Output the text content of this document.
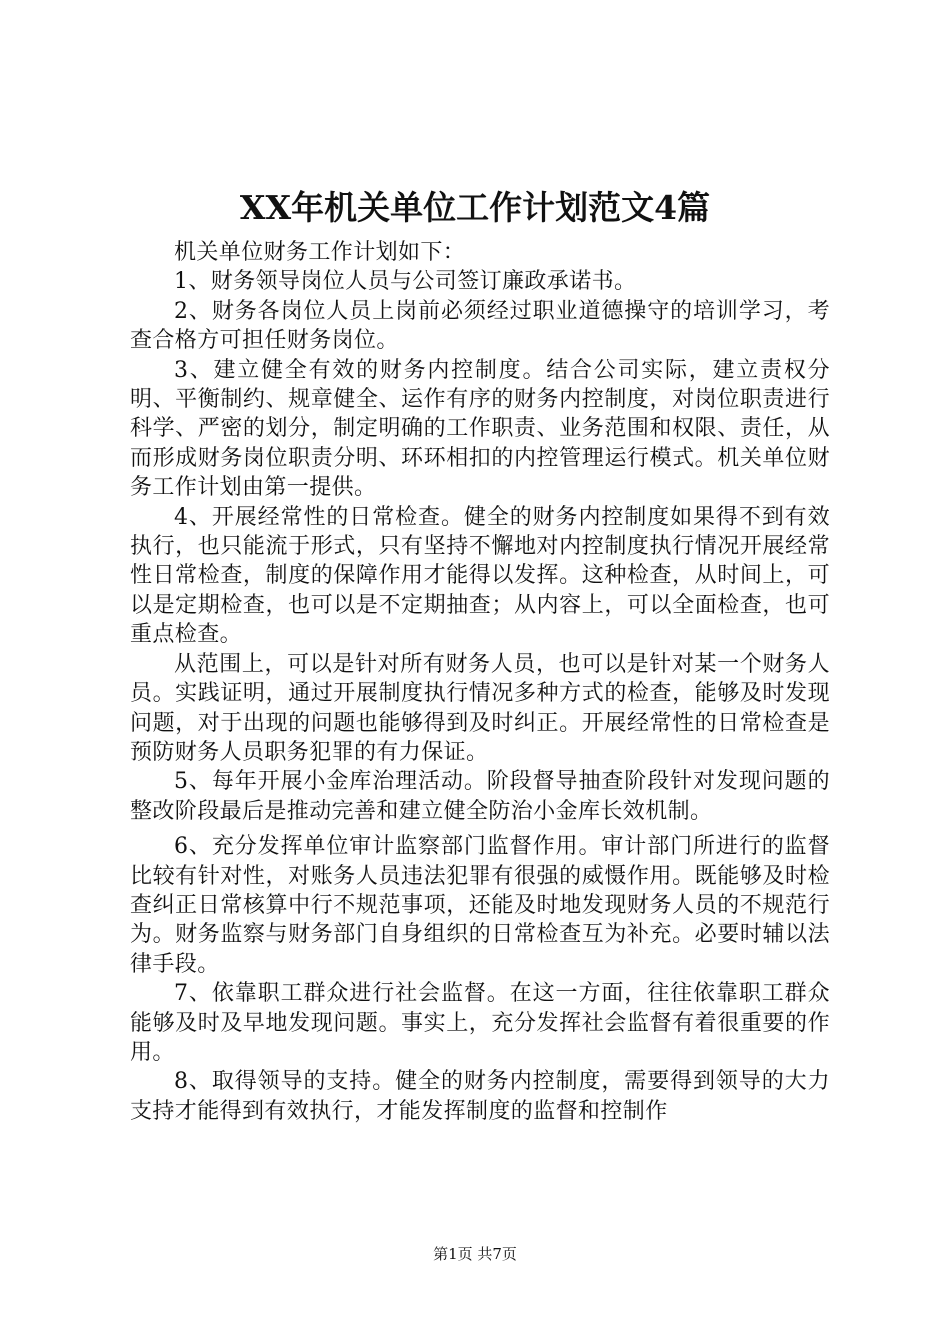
XX年机关单位工作计划范文4篇

机关单位财务工作计划如下：

1、财务领导岗位人员与公司签订廉政承诺书。

2、财务各岗位人员上岗前必须经过职业道德操守的培训学习，考查合格方可担任财务岗位。

3、建立健全有效的财务内控制度。结合公司实际，建立责权分明、平衡制约、规章健全、运作有序的财务内控制度，对岗位职责进行科学、严密的划分，制定明确的工作职责、业务范围和权限、责任，从而形成财务岗位职责分明、环环相扣的内控管理运行模式。机关单位财务工作计划由第一提供。

4、开展经常性的日常检查。健全的财务内控制度如果得不到有效执行，也只能流于形式，只有坚持不懈地对内控制度执行情况开展经常性日常检查，制度的保障作用才能得以发挥。这种检查，从时间上，可以是定期检查，也可以是不定期抽查；从内容上，可以全面检查，也可重点检查。

从范围上，可以是针对所有财务人员，也可以是针对某一个财务人员。实践证明，通过开展制度执行情况多种方式的检查，能够及时发现问题，对于出现的问题也能够得到及时纠正。开展经常性的日常检查是预防财务人员职务犯罪的有力保证。

5、每年开展小金库治理活动。阶段督导抽查阶段针对发现问题的整改阶段最后是推动完善和建立健全防治小金库长效机制。

6、充分发挥单位审计监察部门监督作用。审计部门所进行的监督比较有针对性，对账务人员违法犯罪有很强的威慑作用。既能够及时检查纠正日常核算中行不规范事项，还能及时地发现财务人员的不规范行为。财务监察与财务部门自身组织的日常检查互为补充。必要时辅以法律手段。

7、依靠职工群众进行社会监督。在这一方面，往往依靠职工群众能够及时及早地发现问题。事实上，充分发挥社会监督有着很重要的作用。

8、取得领导的支持。健全的财务内控制度，需要得到领导的大力支持才能得到有效执行，才能发挥制度的监督和控制作

第1页 共7页
